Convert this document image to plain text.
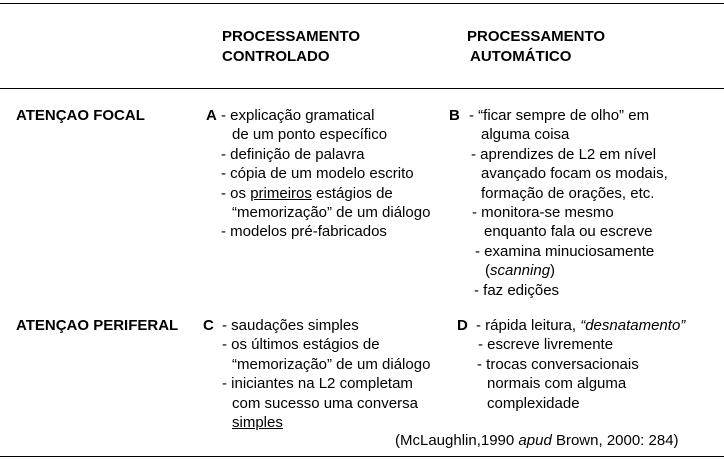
PROCESSAMENTO
CONTROLADO
PROCESSAMENTO
AUTOMÁTICO
ATENÇAO FOCAL	A - explicação gramatical
de um ponto específico
- definição de palavra
- cópia de um modelo escrito
- os primeiros estágios de
“memorização” de um diálogo
- modelos pré-fabricados
B - “ficar sempre de olho” em
alguma coisa
- aprendizes de L2 em nível
avançado focam os modais,
formação de orações, etc.
- monitora-se mesmo
enquanto fala ou escreve
- examina minuciosamente
(scanning)
- faz edições
ATENÇAO PERIFERAL C - saudações simples
- os últimos estágios de
“memorização” de um diálogo
- iniciantes na L2 completam
com sucesso uma conversa
simples
D - rápida leitura, “desnatamento”
- escreve livremente
- trocas conversacionais
normais com alguma
complexidade
(McLaughlin,1990 apud Brown, 2000: 284)
